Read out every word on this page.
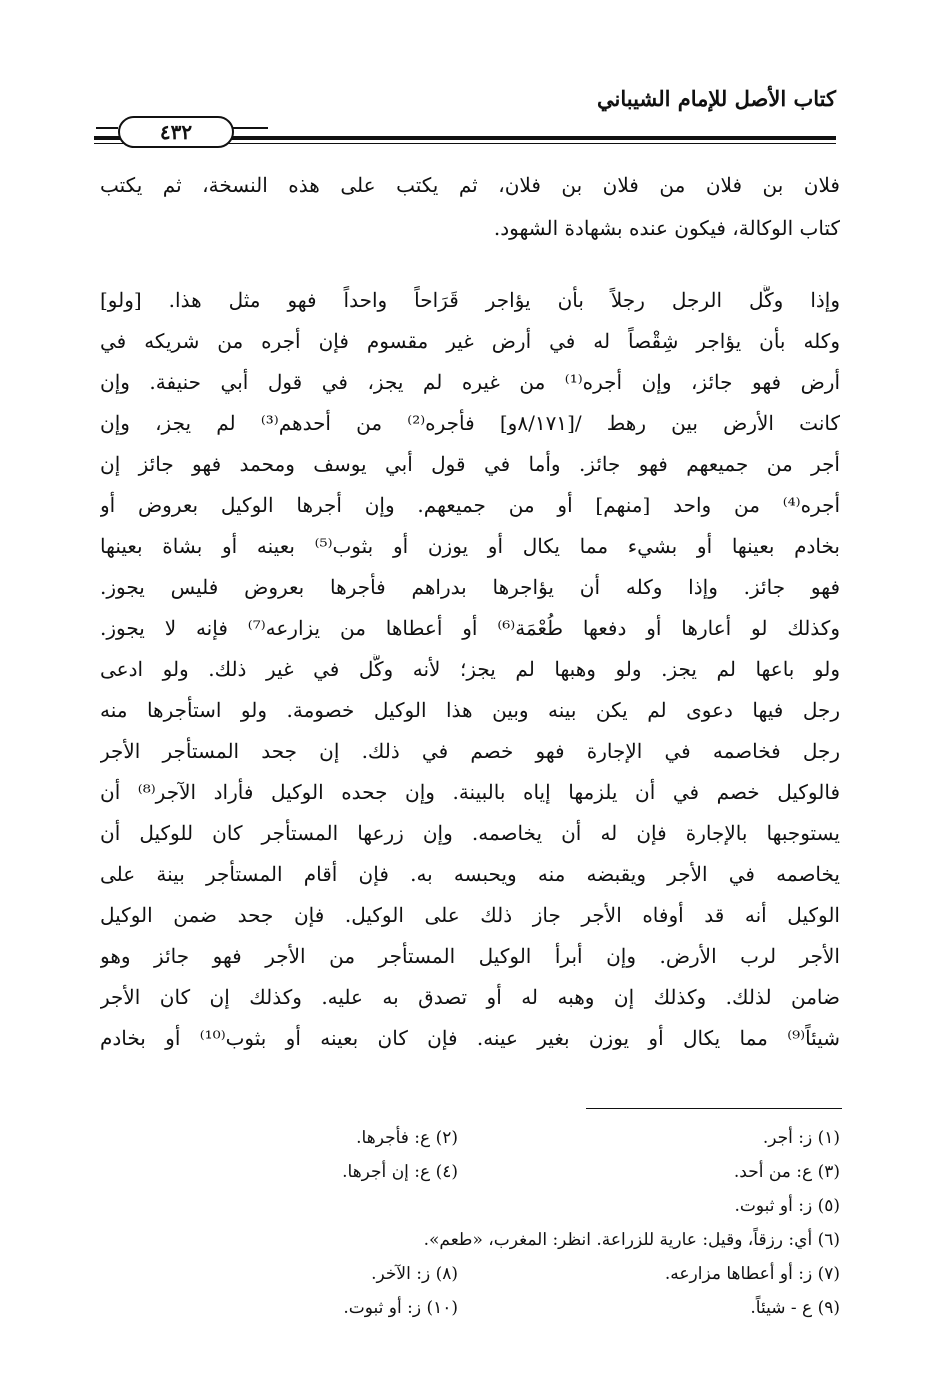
كتاب الأصل للإمام الشيباني
٤٣٢
فلان بن فلان من فلان بن فلان، ثم يكتب على هذه النسخة، ثم يكتب
كتاب الوكالة، فيكون عنده بشهادة الشهود.
وإذا وكَّل الرجل رجلاً بأن يؤاجر قَرَاحاً واحداً فهو مثل هذا. [ولو]
وكله بأن يؤاجر شِقْصاً له في أرض غير مقسوم فإن أجره من شريكه في
أرض فهو جائز، وإن أجره⁽¹⁾ من غيره لم يجز، في قول أبي حنيفة. وإن
كانت الأرض بين رهط /[٨/١٧١و] فأجره⁽²⁾ من أحدهم⁽³⁾ لم يجز، وإن
أجر من جميعهم فهو جائز. وأما في قول أبي يوسف ومحمد فهو جائز إن
أجره⁽⁴⁾ من واحد [منهم] أو من جميعهم. وإن أجرها الوكيل بعروض أو
بخادم بعينها أو بشيء مما يكال أو يوزن أو بثوب⁽⁵⁾ بعينه أو بشاة بعينها
فهو جائز. وإذا وكله أن يؤاجرها بدراهم فأجرها بعروض فليس يجوز.
وكذلك لو أعارها أو دفعها طُعْمَة⁽⁶⁾ أو أعطاها من يزارعه⁽⁷⁾ فإنه لا يجوز.
ولو باعها لم يجز. ولو وهبها لم يجز؛ لأنه وكَّل في غير ذلك. ولو ادعى
رجل فيها دعوى لم يكن بينه وبين هذا الوكيل خصومة. ولو استأجرها منه
رجل فخاصمه في الإجارة فهو خصم في ذلك. إن جحد المستأجر الأجر
فالوكيل خصم في أن يلزمها إياه بالبينة. وإن جحده الوكيل فأراد الآجر⁽⁸⁾ أن
يستوجبها بالإجارة فإن له أن يخاصمه. وإن زرعها المستأجر كان للوكيل أن
يخاصمه في الأجر ويقبضه منه ويحبسه به. فإن أقام المستأجر بينة على
الوكيل أنه قد أوفاه الأجر جاز ذلك على الوكيل. فإن جحد ضمن الوكيل
الأجر لرب الأرض. وإن أبرأ الوكيل المستأجر من الأجر فهو جائز وهو
ضامن لذلك. وكذلك إن وهبه له أو تصدق به عليه. وكذلك إن كان الأجر
شيئاً⁽⁹⁾ مما يكال أو يوزن بغير عينه. فإن كان بعينه أو بثوب⁽¹⁰⁾ أو بخادم
(١) ز: أجر.
(٢) ع: فأجرها.
(٣) ع: من أحد.
(٤) ع: إن أجرها.
(٥) ز: أو ثبوت.
(٦) أي: رزقاً، وقيل: عارية للزراعة. انظر: المغرب، «طعم».
(٧) ز: أو أعطاها مزارعه.
(٨) ز: الآخر.
(٩) ع - شيئاً.
(١٠) ز: أو ثبوت.
